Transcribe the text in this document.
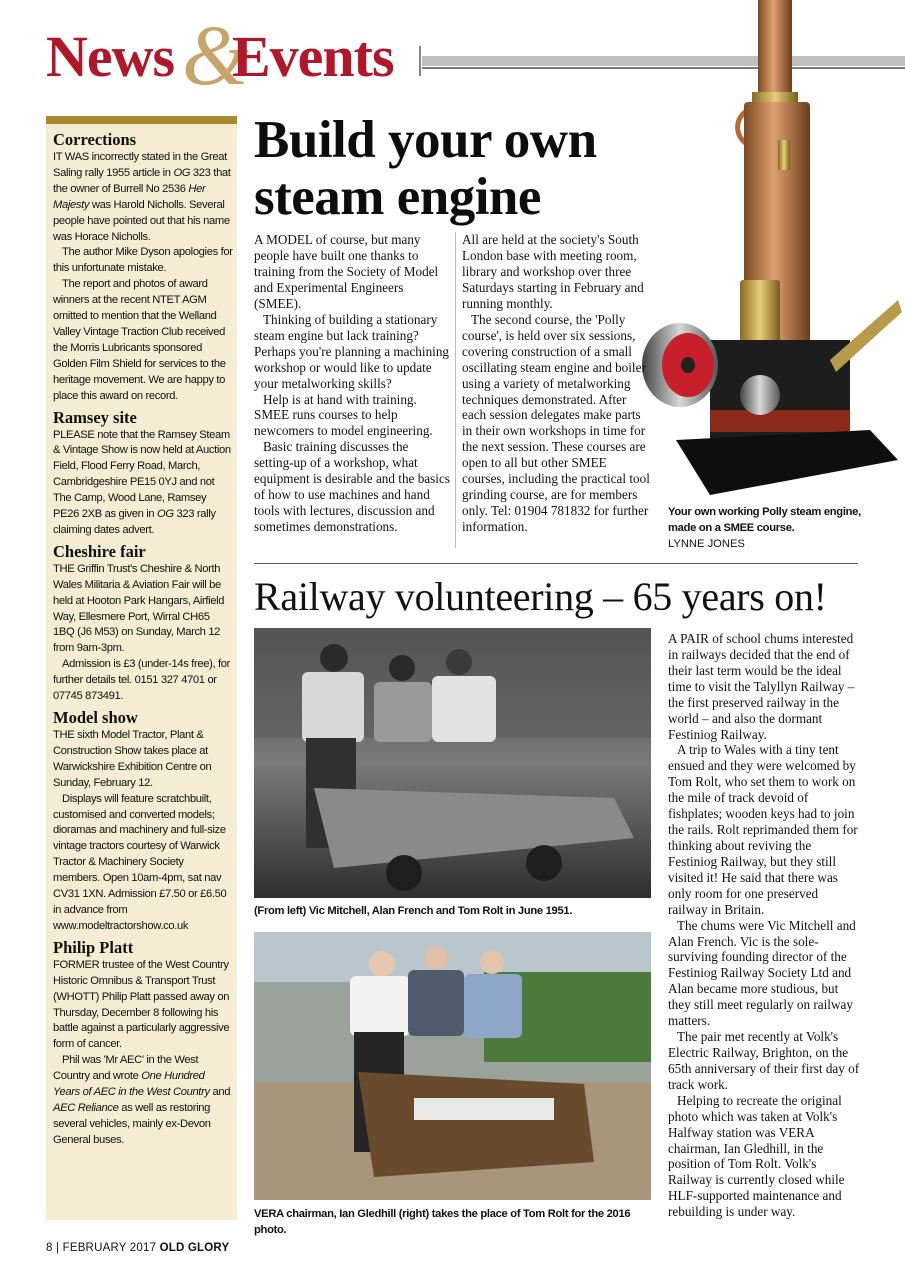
&
News Events
Corrections

IT WAS incorrectly stated in the Great Saling rally 1955 article in OG 323 that the owner of Burrell No 2536 Her Majesty was Harold Nicholls. Several people have pointed out that his name was Horace Nicholls.

The author Mike Dyson apologies for this unfortunate mistake.

The report and photos of award winners at the recent NTET AGM omitted to mention that the Welland Valley Vintage Traction Club received the Morris Lubricants sponsored Golden Film Shield for services to the heritage movement. We are happy to place this award on record.

Ramsey site

PLEASE note that the Ramsey Steam & Vintage Show is now held at Auction Field, Flood Ferry Road, March, Cambridgeshire PE15 0YJ and not The Camp, Wood Lane, Ramsey PE26 2XB as given in OG 323 rally claiming dates advert.

Cheshire fair

THE Griffin Trust's Cheshire & North Wales Militaria & Aviation Fair will be held at Hooton Park Hangars, Airfield Way, Ellesmere Port, Wirral CH65 1BQ (J6 M53) on Sunday, March 12 from 9am-3pm.

Admission is £3 (under-14s free), for further details tel. 0151 327 4701 or 07745 873491.

Model show

THE sixth Model Tractor, Plant & Construction Show takes place at Warwickshire Exhibition Centre on Sunday, February 12.

Displays will feature scratchbuilt, customised and converted models; dioramas and machinery and full-size vintage tractors courtesy of Warwick Tractor & Machinery Society members. Open 10am-4pm, sat nav CV31 1XN. Admission £7.50 or £6.50 in advance from www.modeltractorshow.co.uk

Philip Platt

FORMER trustee of the West Country Historic Omnibus & Transport Trust (WHOTT) Philip Platt passed away on Thursday, December 8 following his battle against a particularly aggressive form of cancer.

Phil was 'Mr AEC' in the West Country and wrote One Hundred Years of AEC in the West Country and AEC Reliance as well as restoring several vehicles, mainly ex-Devon General buses.

Build your own
steam engine

A MODEL of course, but many people have built one thanks to training from the Society of Model and Experimental Engineers (SMEE).

Thinking of building a stationary steam engine but lack training? Perhaps you're planning a machining workshop or would like to update your metalworking skills?

Help is at hand with training. SMEE runs courses to help newcomers to model engineering.

Basic training discusses the setting-up of a workshop, what equipment is desirable and the basics of how to use machines and hand tools with lectures, discussion and sometimes demonstrations.

All are held at the society's South London base with meeting room, library and workshop over three Saturdays starting in February and running monthly.

The second course, the 'Polly course', is held over six sessions, covering construction of a small oscillating steam engine and boiler using a variety of metalworking techniques demonstrated. After each session delegates make parts in their own workshops in time for the next session. These courses are open to all but other SMEE courses, including the practical tool grinding course, are for members only. Tel: 01904 781832 for further information.

Your own working Polly steam engine, made on a SMEE course.
LYNNE JONES
Railway volunteering – 65 years on!
(From left) Vic Mitchell, Alan French and Tom Rolt in June 1951.
VERA chairman, Ian Gledhill (right) takes the place of Tom Rolt for the 2016 photo.

A PAIR of school chums interested in railways decided that the end of their last term would be the ideal time to visit the Talyllyn Railway – the first preserved railway in the world – and also the dormant Festiniog Railway.

A trip to Wales with a tiny tent ensued and they were welcomed by Tom Rolt, who set them to work on the mile of track devoid of fishplates; wooden keys had to join the rails. Rolt reprimanded them for thinking about reviving the Festiniog Railway, but they still visited it! He said that there was only room for one preserved railway in Britain.

The chums were Vic Mitchell and Alan French. Vic is the sole-surviving founding director of the Festiniog Railway Society Ltd and Alan became more studious, but they still meet regularly on railway matters.

The pair met recently at Volk's Electric Railway, Brighton, on the 65th anniversary of their first day of track work.

Helping to recreate the original photo which was taken at Volk's Halfway station was VERA chairman, Ian Gledhill, in the position of Tom Rolt. Volk's Railway is currently closed while HLF-supported maintenance and rebuilding is under way.

8 | FEBRUARY 2017 OLD GLORY
